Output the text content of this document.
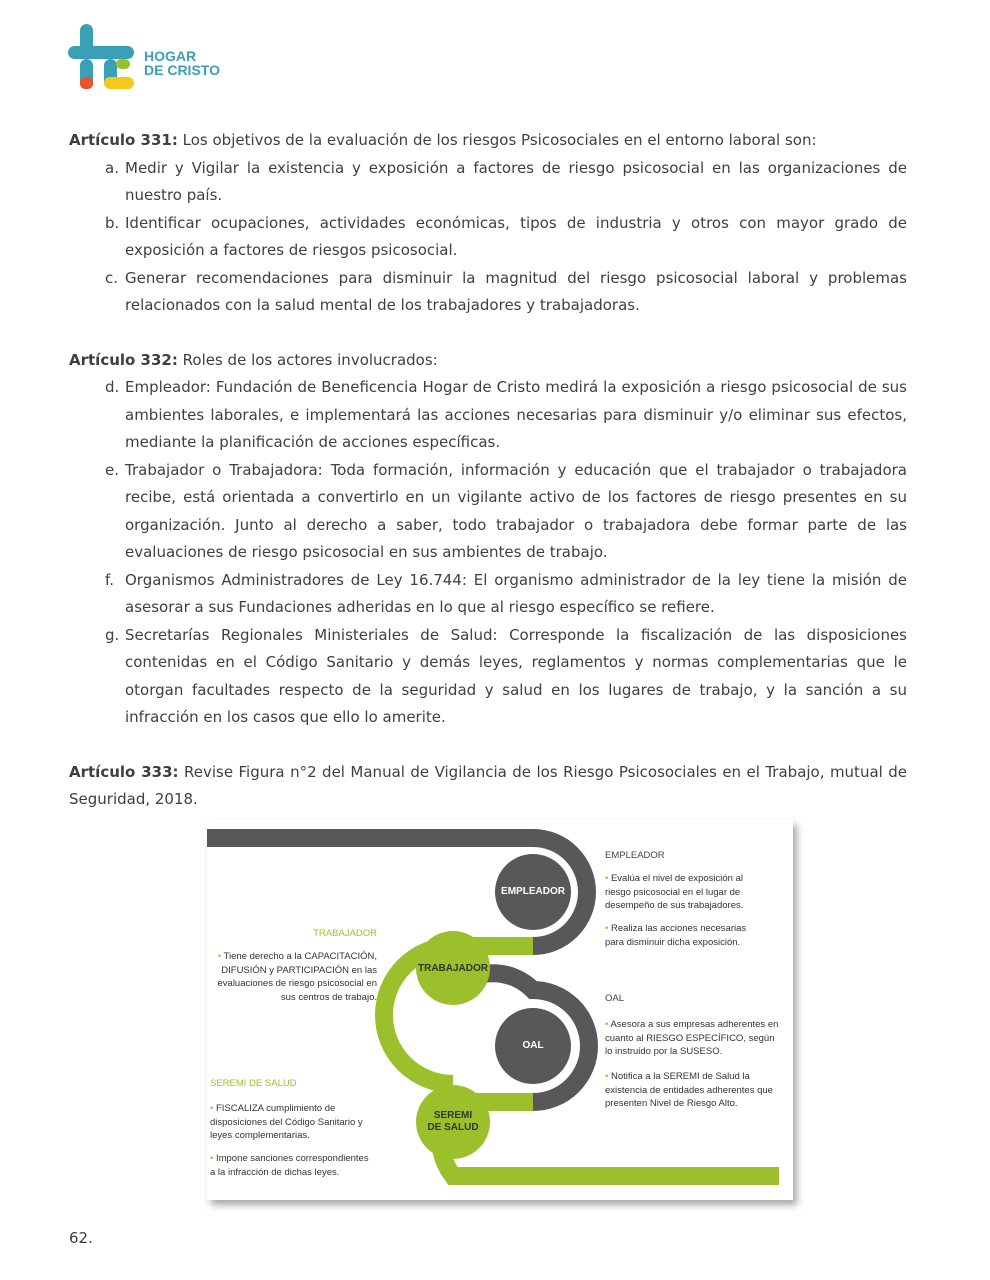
HOGAR
DE CRISTO

Artículo 331: Los objetivos de la evaluación de los riesgos Psicosociales en el entorno laboral son:

a. Medir y Vigilar la existencia y exposición a factores de riesgo psicosocial en las organizaciones de nuestro país.
b. Identificar ocupaciones, actividades económicas, tipos de industria y otros con mayor grado de exposición a factores de riesgos psicosocial.
c. Generar recomendaciones para disminuir la magnitud del riesgo psicosocial laboral y problemas relacionados con la salud mental de los trabajadores y trabajadoras.

Artículo 332: Roles de los actores involucrados:

d. Empleador: Fundación de Beneficencia Hogar de Cristo medirá la exposición a riesgo psicosocial de sus ambientes laborales, e implementará las acciones necesarias para disminuir y/o eliminar sus efectos, mediante la planificación de acciones específicas.
e. Trabajador o Trabajadora: Toda formación, información y educación que el trabajador o trabajadora recibe, está orientada a convertirlo en un vigilante activo de los factores de riesgo presentes en su organización. Junto al derecho a saber, todo trabajador o trabajadora debe formar parte de las evaluaciones de riesgo psicosocial en sus ambientes de trabajo.
f. Organismos Administradores de Ley 16.744: El organismo administrador de la ley tiene la misión de asesorar a sus Fundaciones adheridas en lo que al riesgo específico se refiere.
g. Secretarías Regionales Ministeriales de Salud: Corresponde la fiscalización de las disposiciones contenidas en el Código Sanitario y demás leyes, reglamentos y normas complementarias que le otorgan facultades respecto de la seguridad y salud en los lugares de trabajo, y la sanción a su infracción en los casos que ello lo amerite.

Artículo 333: Revise Figura n°2 del Manual de Vigilancia de los Riesgo Psicosociales en el Trabajo, mutual de Seguridad, 2018.

EMPLEADOR
TRABAJADOR
OAL
SEREMI
DE SALUD
EMPLEADOR
• Evalúa el nivel de exposición al riesgo psicosocial en el lugar de desempeño de sus trabajadores.
• Realiza las acciones necesarias para disminuir dicha exposición.
TRABAJADOR
• Tiene derecho a la CAPACITACIÓN, DIFUSIÓN y PARTICIPACIÓN en las evaluaciones de riesgo psicosocial en sus centros de trabajo.	OAL
• Asesora a sus empresas adherentes en cuanto al RIESGO ESPECÍFICO, según lo instruido por la SUSESO.
• Notifica a la SEREMI de Salud la existencia de entidades adherentes que presenten Nivel de Riesgo Alto.
SEREMI DE SALUD
• FISCALIZA cumplimiento de disposiciones del Código Sanitario y leyes complementarias.
• Impone sanciones correspondientes a la infracción de dichas leyes.
62.
